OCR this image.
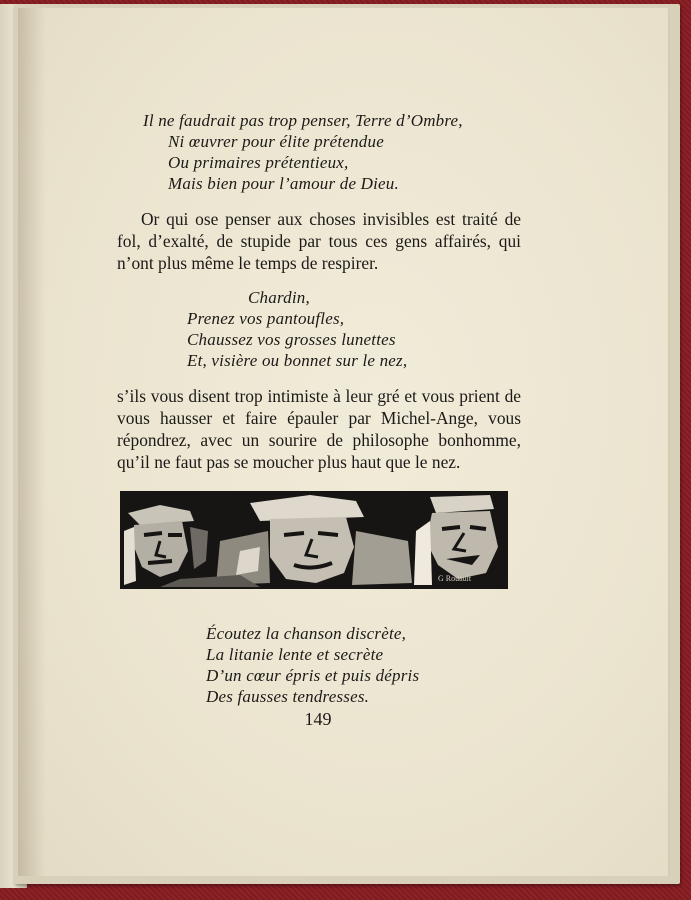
Il ne faudrait pas trop penser, Terre d’Ombre,
Ni œuvrer pour élite prétendue
Ou primaires prétentieux,
Mais bien pour l’amour de Dieu.
Or qui ose penser aux choses invisibles est traité de fol, d’exalté, de stupide par tous ces gens affairés, qui n’ont plus même le temps de respirer.
Chardin,
Prenez vos pantoufles,
Chaussez vos grosses lunettes
Et, visière ou bonnet sur le nez,
s’ils vous disent trop intimiste à leur gré et vous prient de vous hausser et faire épauler par Michel-Ange, vous répondrez, avec un sourire de philosophe bonhomme, qu’il ne faut pas se moucher plus haut que le nez.
G Rouault
Écoutez la chanson discrète,
La litanie lente et secrète
D’un cœur épris et puis dépris
Des fausses tendresses.
149
